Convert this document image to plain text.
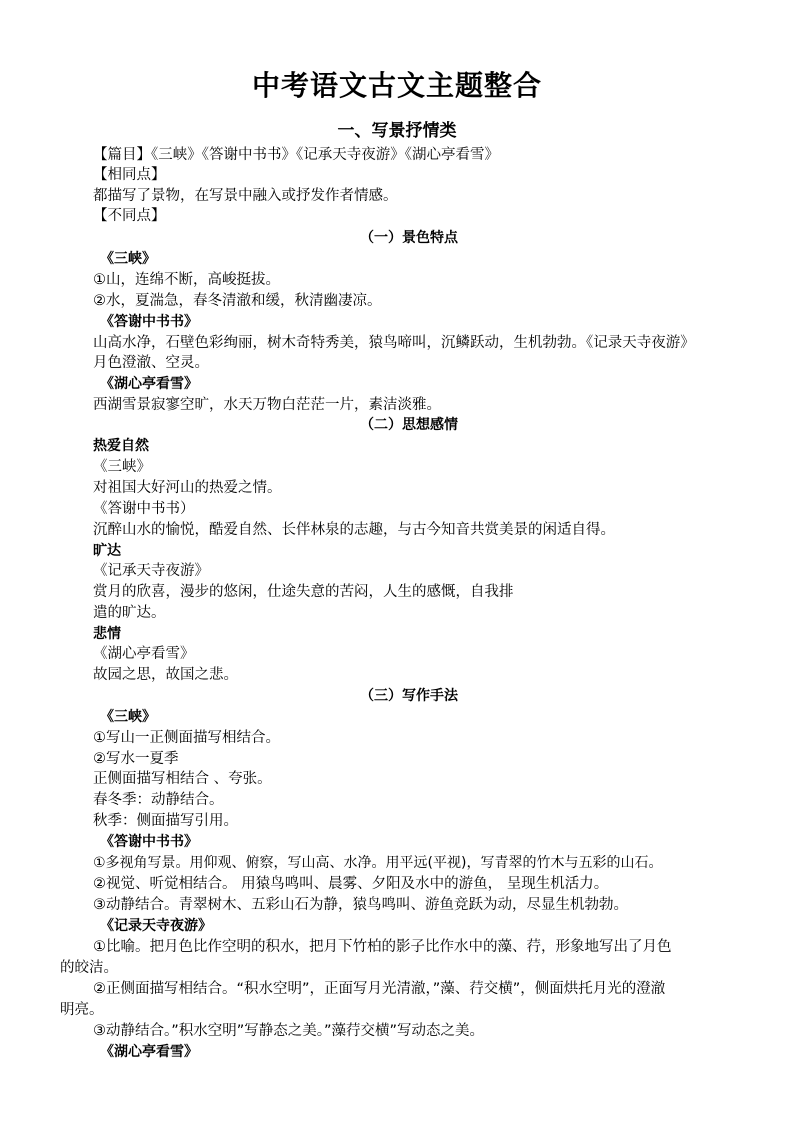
中考语文古文主题整合
一、写景抒情类
【篇目】《三峡》《答谢中书书》《记承天寺夜游》《湖心亭看雪》
【相同点】
都描写了景物，在写景中融入或抒发作者情感。
【不同点】
（一）景色特点
《三峡》
①山，连绵不断，高峻挺拔。
②水，夏湍急，春冬清澈和缓，秋清幽凄凉。
《答谢中书书》
山高水净，石壁色彩绚丽，树木奇特秀美，猿鸟啼叫，沉鳞跃动，生机勃勃。《记录天寺夜游》
月色澄澈、空灵。
《湖心亭看雪》
西湖雪景寂寥空旷，水天万物白茫茫一片，素洁淡雅。
（二）思想感情
热爱自然
《三峡》
对祖国大好河山的热爱之情。
《答谢中书书）
沉醉山水的愉悦，酷爱自然、长伴林泉的志趣，与古今知音共赏美景的闲适自得。
旷达
《记承天寺夜游》
赏月的欣喜，漫步的悠闲，仕途失意的苦闷，人生的感慨，自我排
遣的旷达。
悲情
《湖心亭看雪》
故园之思，故国之悲。
（三）写作手法
《三峡》
①写山一正侧面描写相结合。
②写水一夏季
正侧面描写相结合 、夸张。
春冬季：动静结合。
秋季：侧面描写引用。
《答谢中书书》
①多视角写景。用仰观、俯察，写山高、水净。用平远(平视)，写青翠的竹木与五彩的山石。
②视觉、听觉相结合。 用猿鸟鸣叫、晨雾、夕阳及水中的游鱼， 呈现生机活力。
③动静结合。青翠树木、五彩山石为静，猿鸟鸣叫、游鱼竞跃为动，尽显生机勃勃。
《记录天寺夜游》
①比喻。把月色比作空明的积水，把月下竹柏的影子比作水中的藻、荇，形象地写出了月色
的皎洁。
②正侧面描写相结合。“积水空明”，正面写月光清澈，”藻、荇交横”，侧面烘托月光的澄澈
明亮。
③动静结合。”积水空明”写静态之美。”藻荇交横”写动态之美。
《湖心亭看雪》
